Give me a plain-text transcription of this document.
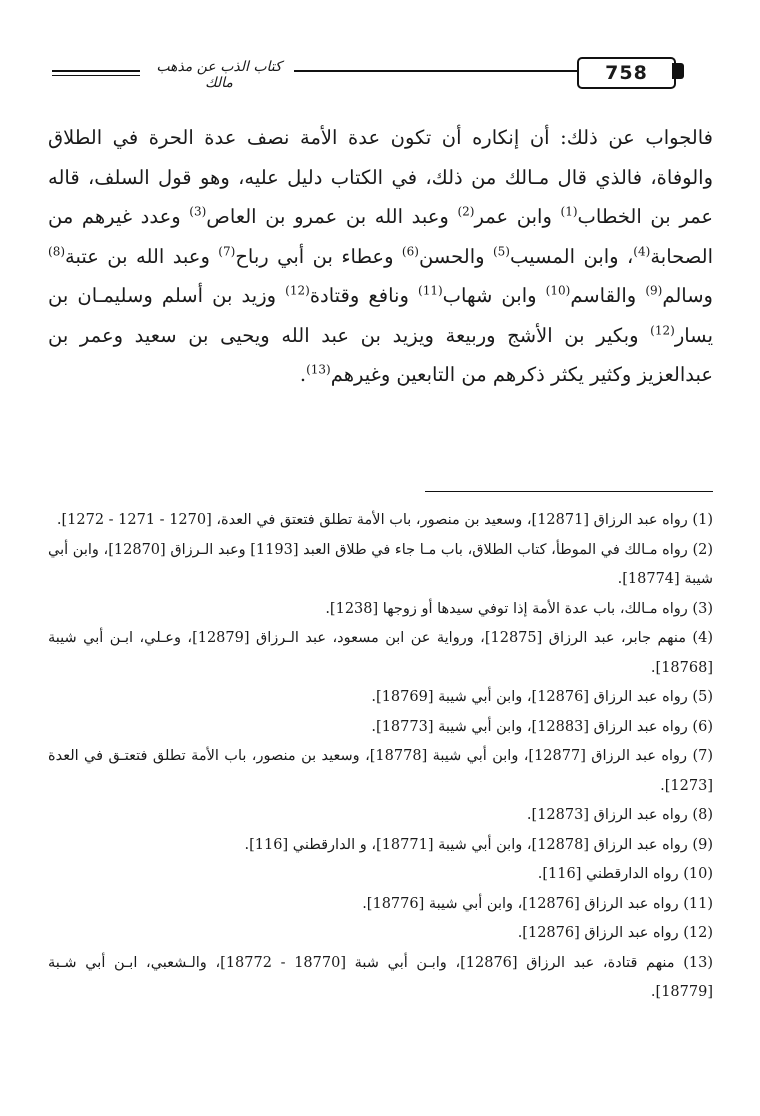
كتاب الذب عن مذهب مالك	758

فالجواب عن ذلك: أن إنكاره أن تكون عدة الأمة نصف عدة الحرة في الطلاق والوفاة، فالذي قال مـالك من ذلك، في الكتاب دليل عليه، وهو قول السلف، قاله عمر بن الخطاب$^{(1)}$ وابن عمر$^{(2)}$ وعبد الله بن عمرو بن العاص$^{(3)}$ وعدد غيرهم من الصحابة$^{(4)}$، وابن المسيب$^{(5)}$ والحسن$^{(6)}$ وعطاء بن أبي رباح$^{(7)}$ وعبد الله بن عتبة$^{(8)}$ وسالم$^{(9)}$ والقاسم$^{(10)}$ وابن شهاب$^{(11)}$ ونافع وقتادة$^{(12)}$ وزيد بن أسلم وسليمـان بن يسار$^{(12)}$ وبكير بن الأشج وربيعة ويزيد بن عبد الله ويحيى بن سعيد وعمر بن عبدالعزيز وكثير يكثر ذكرهم من التابعين وغيرهم$^{(13)}$.

(1) رواه عبد الرزاق [12871]، وسعيد بن منصور، باب الأمة تطلق فتعتق في العدة، [1270 - 1271 - 1272].

(2) رواه مـالك في الموطأ، كتاب الطلاق، باب مـا جاء في طلاق العبد [1193] وعبد الـرزاق [12870]، وابن أبي شيبة [18774].

(3) رواه مـالك، باب عدة الأمة إذا توفي سيدها أو زوجها [1238].

(4) منهم جابر، عبد الرزاق [12875]، ورواية عن ابن مسعود، عبد الـرزاق [12879]، وعـلي، ابـن أبي شيبة [18768].

(5) رواه عبد الرزاق [12876]، وابن أبي شيبة [18769].

(6) رواه عبد الرزاق [12883]، وابن أبي شيبة [18773].

(7) رواه عبد الرزاق [12877]، وابن أبي شيبة [18778]، وسعيد بن منصور، باب الأمة تطلق فتعتـق في العدة [1273].

(8) رواه عبد الرزاق [12873].

(9) رواه عبد الرزاق [12878]، وابن أبي شيبة [18771]، و الدارقطني [116].

(10) رواه الدارقطني [116].

(11) رواه عبد الرزاق [12876]، وابن أبي شيبة [18776].

(12) رواه عبد الرزاق [12876].

(13) منهم قتادة، عبد الرزاق [12876]، وابـن أبي شبة [18770 - 18772]، والـشعبي، ابـن أبي شـبة [18779].
